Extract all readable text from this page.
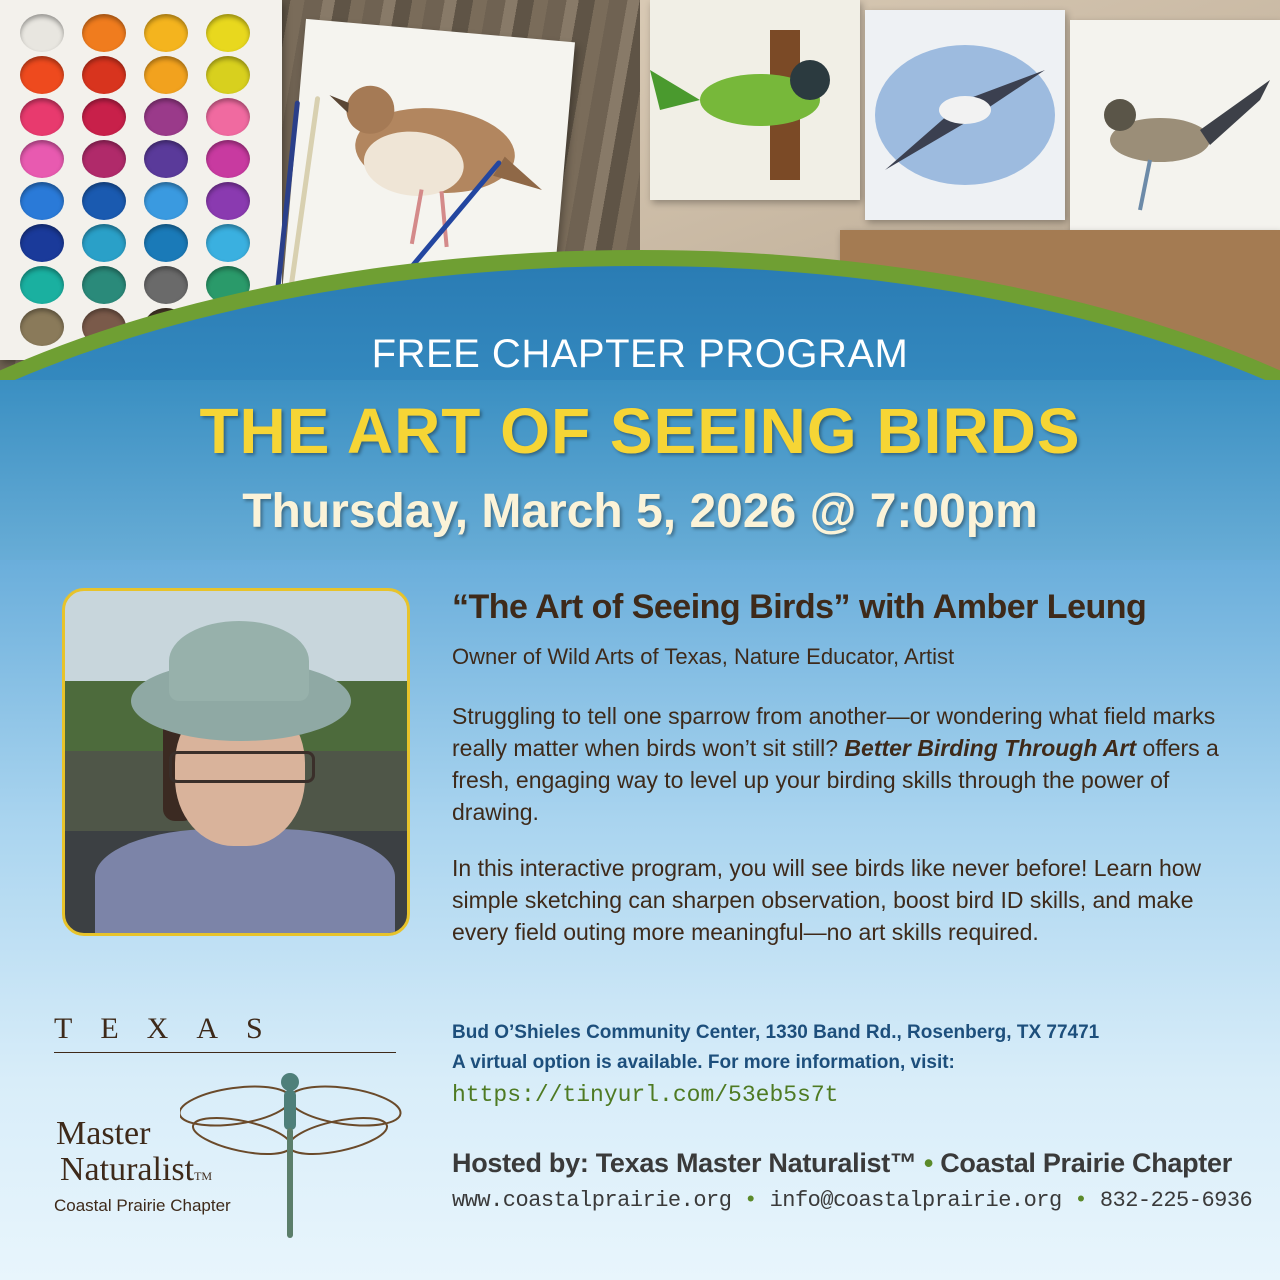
FREE CHAPTER PROGRAM
THE ART OF SEEING BIRDS
Thursday, March 5, 2026 @ 7:00pm
“The Art of Seeing Birds” with Amber Leung
Owner of Wild Arts of Texas, Nature Educator, Artist

Struggling to tell one sparrow from another—or wondering what field marks really matter when birds won’t sit still? Better Birding Through Art offers a fresh, engaging way to level up your birding skills through the power of drawing.

In this interactive program, you will see birds like never before! Learn how simple sketching can sharpen observation, boost bird ID skills, and make every field outing more meaningful—no art skills required.

Bud O’Shieles Community Center, 1330 Band Rd., Rosenberg, TX 77471
A virtual option is available. For more information, visit:
https://tinyurl.com/53eb5s7t
Hosted by: Texas Master Naturalist™ • Coastal Prairie Chapter
www.coastalprairie.org • info@coastalprairie.org • 832-225-6936
TEXAS
Master
NaturalistTM
Coastal Prairie Chapter
